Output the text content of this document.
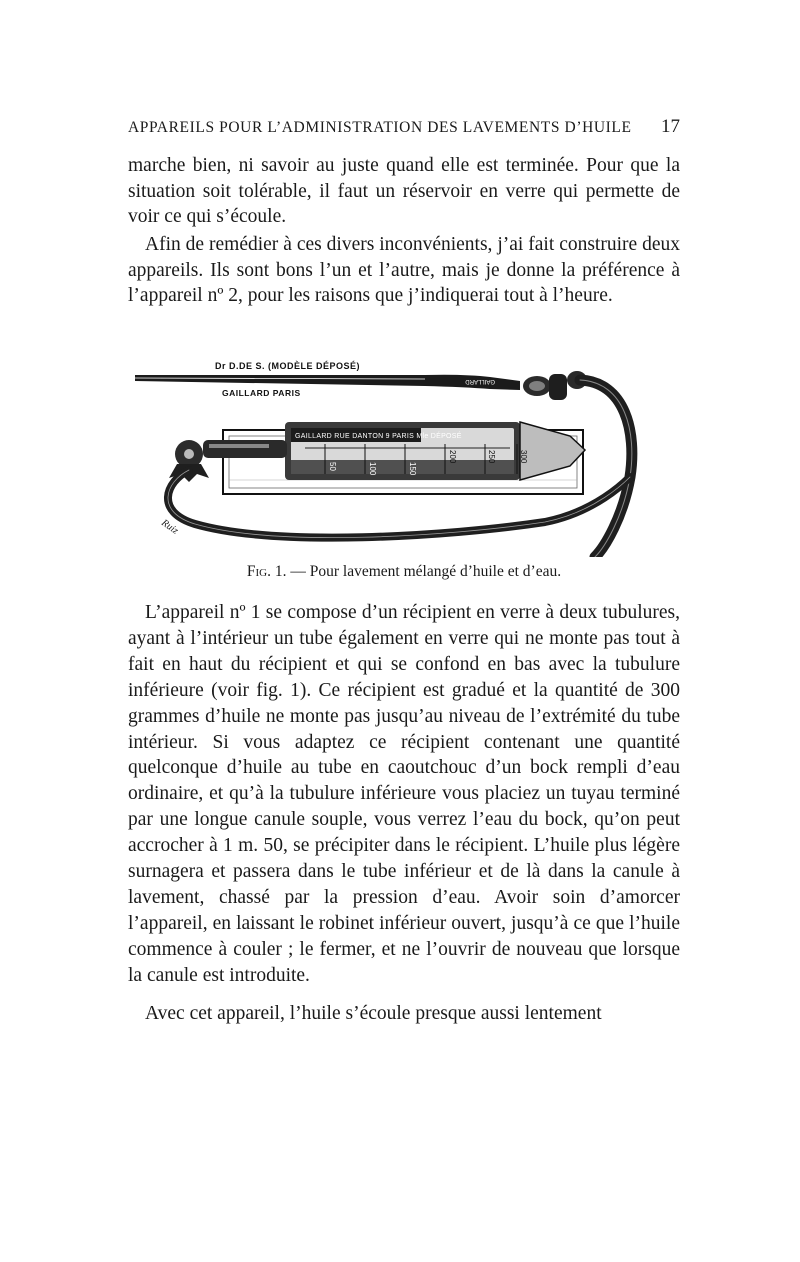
APPAREILS POUR L’ADMINISTRATION DES LAVEMENTS D’HUILE 17

marche bien, ni savoir au juste quand elle est terminée. Pour que la situation soit tolérable, il faut un réservoir en verre qui permette de voir ce qui s’écoule.

Afin de remédier à ces divers inconvénients, j’ai fait construire deux appareils. Ils sont bons l’un et l’autre, mais je donne la préférence à l’appareil nº 2, pour les raisons que j’indiquerai tout à l’heure.

Dr D.DE S. (MODÈLE DÉPOSÉ)
GAILLARD PARIS
GAILLARD
GAILLARD RUE DANTON 9 PARIS Mle DÉPOSÉ
50	100	150
200	250	300
Ruiz
Fig. 1. — Pour lavement mélangé d’huile et d’eau.

L’appareil nº 1 se compose d’un récipient en verre à deux tubulures, ayant à l’intérieur un tube également en verre qui ne monte pas tout à fait en haut du récipient et qui se confond en bas avec la tubulure inférieure (voir fig. 1). Ce récipient est gradué et la quantité de 300 grammes d’huile ne monte pas jusqu’au niveau de l’extrémité du tube intérieur. Si vous adaptez ce récipient contenant une quantité quelconque d’huile au tube en caoutchouc d’un bock rempli d’eau ordinaire, et qu’à la tubulure inférieure vous placiez un tuyau terminé par une longue canule souple, vous verrez l’eau du bock, qu’on peut accrocher à 1 m. 50, se précipiter dans le récipient. L’huile plus légère surnagera et passera dans le tube inférieur et de là dans la canule à lavement, chassé par la pression d’eau. Avoir soin d’amorcer l’appareil, en laissant le robinet inférieur ouvert, jusqu’à ce que l’huile commence à couler ; le fermer, et ne l’ouvrir de nouveau que lorsque la canule est introduite.

Avec cet appareil, l’huile s’écoule presque aussi lentement
